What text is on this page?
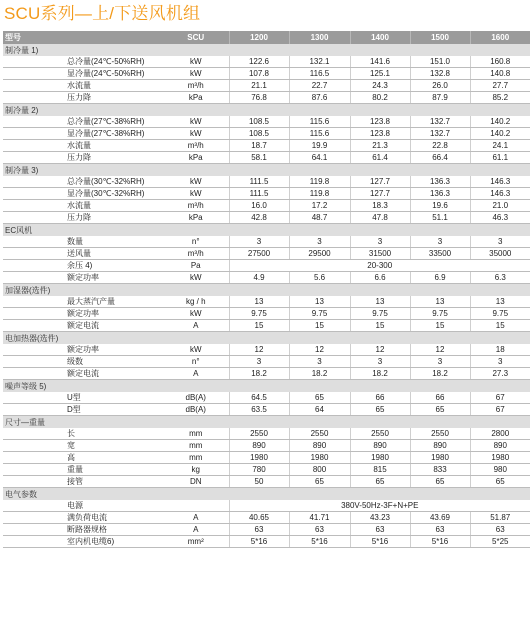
SCU系列—上/下送风机组
型号		SCU	1200	1300	1400	1500	1600
制冷量 1)							
	总冷量(24℃-50%RH)	kW	122.6	132.1	141.6	151.0	160.8
	显冷量(24℃-50%RH)	kW	107.8	116.5	125.1	132.8	140.8
	水流量	m³/h	21.1	22.7	24.3	26.0	27.7
	压力降	kPa	76.8	87.6	80.2	87.9	85.2
制冷量 2)							
	总冷量(27℃-38%RH)	kW	108.5	115.6	123.8	132.7	140.2
	显冷量(27℃-38%RH)	kW	108.5	115.6	123.8	132.7	140.2
	水流量	m³/h	18.7	19.9	21.3	22.8	24.1
	压力降	kPa	58.1	64.1	61.4	66.4	61.1
制冷量 3)							
	总冷量(30℃-32%RH)	kW	111.5	119.8	127.7	136.3	146.3
	显冷量(30℃-32%RH)	kW	111.5	119.8	127.7	136.3	146.3
	水流量	m³/h	16.0	17.2	18.3	19.6	21.0
	压力降	kPa	42.8	48.7	47.8	51.1	46.3
EC风机							
	数量	n°	3	3	3	3	3
	送风量	m³/h	27500	29500	31500	33500	35000
	余压 4)	Pa	20-300				
	额定功率	kW	4.9	5.6	6.6	6.9	6.3
加湿器(选件)							
	最大蒸汽产量	kg / h	13	13	13	13	13
	额定功率	kW	9.75	9.75	9.75	9.75	9.75
	额定电流	A	15	15	15	15	15
电加热器(选件)							
	额定功率	kW	12	12	12	12	18
	级数	n°	3	3	3	3	3
	额定电流	A	18.2	18.2	18.2	18.2	27.3
噪声等级 5)							
	U型	dB(A)	64.5	65	66	66	67
	D型	dB(A)	63.5	64	65	65	67
尺寸—重量							
	长	mm	2550	2550	2550	2550	2800
	宽	mm	890	890	890	890	890
	高	mm	1980	1980	1980	1980	1980
	重量	kg	780	800	815	833	980
	接管	DN	50	65	65	65	65
电气参数							
	电源		380V-50Hz-3F+N+PE				
	满负荷电流	A	40.65	41.71	43.23	43.69	51.87
	断路器规格	A	63	63	63	63	63
	室内机电缆6)	mm²	5*16	5*16	5*16	5*16	5*25
